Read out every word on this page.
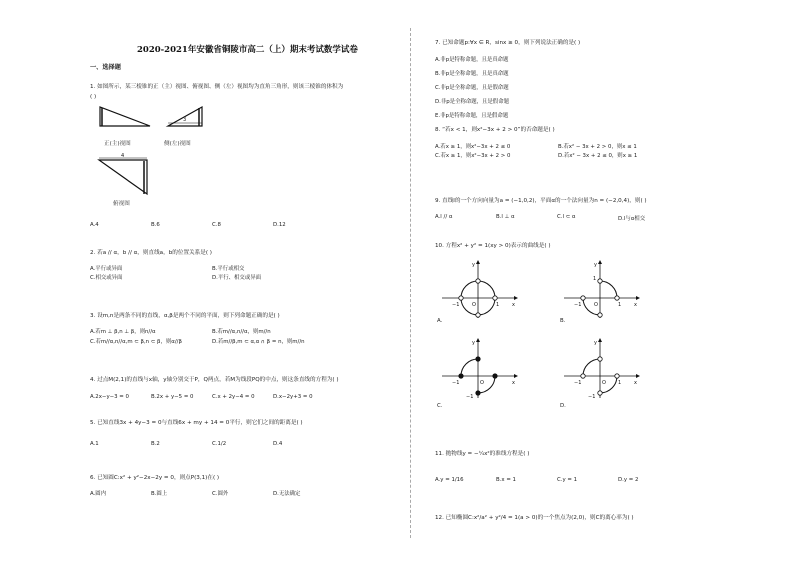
2020-2021年安徽省铜陵市高二（上）期末考试数学试卷
一、选择题
1. 如图所示，某三棱锥的正（主）视图、俯视图、侧（左）视图均为直角三角形，则该三棱锥的体积为
( )
正(主)视图
3
侧(左)视图
4
俯视图
A.4	B.6	C.8	D.12
2. 若a // α，b // α，则直线a，b的位置关系是( )
A.平行或异面	B.平行或相交
C.相交或异面	D.平行、相交或异面
3. 设m,n是两条不同的直线，α,β是两个不同的平面，则下列命题正确的是( )
A.若m ⊥ β,n ⊥ β，则n//α	B.若m//α,n//α，则m//n
C.若m//α,n//α,m ⊂ β,n ⊂ β，则α//β	D.若m//β,m ⊂ α,α ∩ β = n，则m//n
4. 过点M(2,1)的直线与x轴，y轴分别交于P，Q两点，若M为线段PQ的中点，则这条直线的方程为( )
A.2x−y−3 = 0	B.2x + y−5 = 0	C.x + 2y−4 = 0	D.x−2y+3 = 0
5. 已知直线3x + 4y−3 = 0与直线6x + my + 14 = 0平行，则它们之间的距离是( )
A.1	B.2	C.1/2	D.4
6. 已知圆C:x² + y²−2x−2y = 0，则点P(3,1)在( )
A.圆内	B.圆上	C.圆外	D.无法确定
7. 已知命题p:∀x ∈ R，sinx ≥ 0，则下列说法正确的是( )
A.非p是特称命题，且是真命题
B.非p是全称命题，且是真命题
C.非p是全称命题，且是假命题
D.非p是全称命题，且是假命题
E.非p是特称命题，且是假命题
8. “若x < 1，则x²−3x + 2 > 0”的否命题是( )
A.若x ≥ 1，则x²−3x + 2 ≤ 0	B.若x² − 3x + 2 > 0，则x ≤ 1
C.若x ≥ 1，则x²−3x + 2 > 0	D.若x² − 3x + 2 ≤ 0，则x ≥ 1
9. 直线l的一个方向向量为a = (−1,0,2)，平面α的一个法向量为n = (−2,0,4)，则( )
A.l // α	B.l ⊥ α	C.l ⊂ α	D.l与α相交
10. 方程x² + y² = 1(xy > 0)表示的曲线是( )
y
x
O
−1	1
A.
y
x
O
−1	1
1
B.
y
x
O
−1
−1
C.
y
x
O
−1	1
−1
D.
11. 抛物线y = −¼x²的准线方程是( )
A.y = 1/16	B.x = 1	C.y = 1	D.y = 2
12. 已知椭圆C:x²/a² + y²/4 = 1(a > 0)的一个焦点为(2,0)，则C的离心率为( )
